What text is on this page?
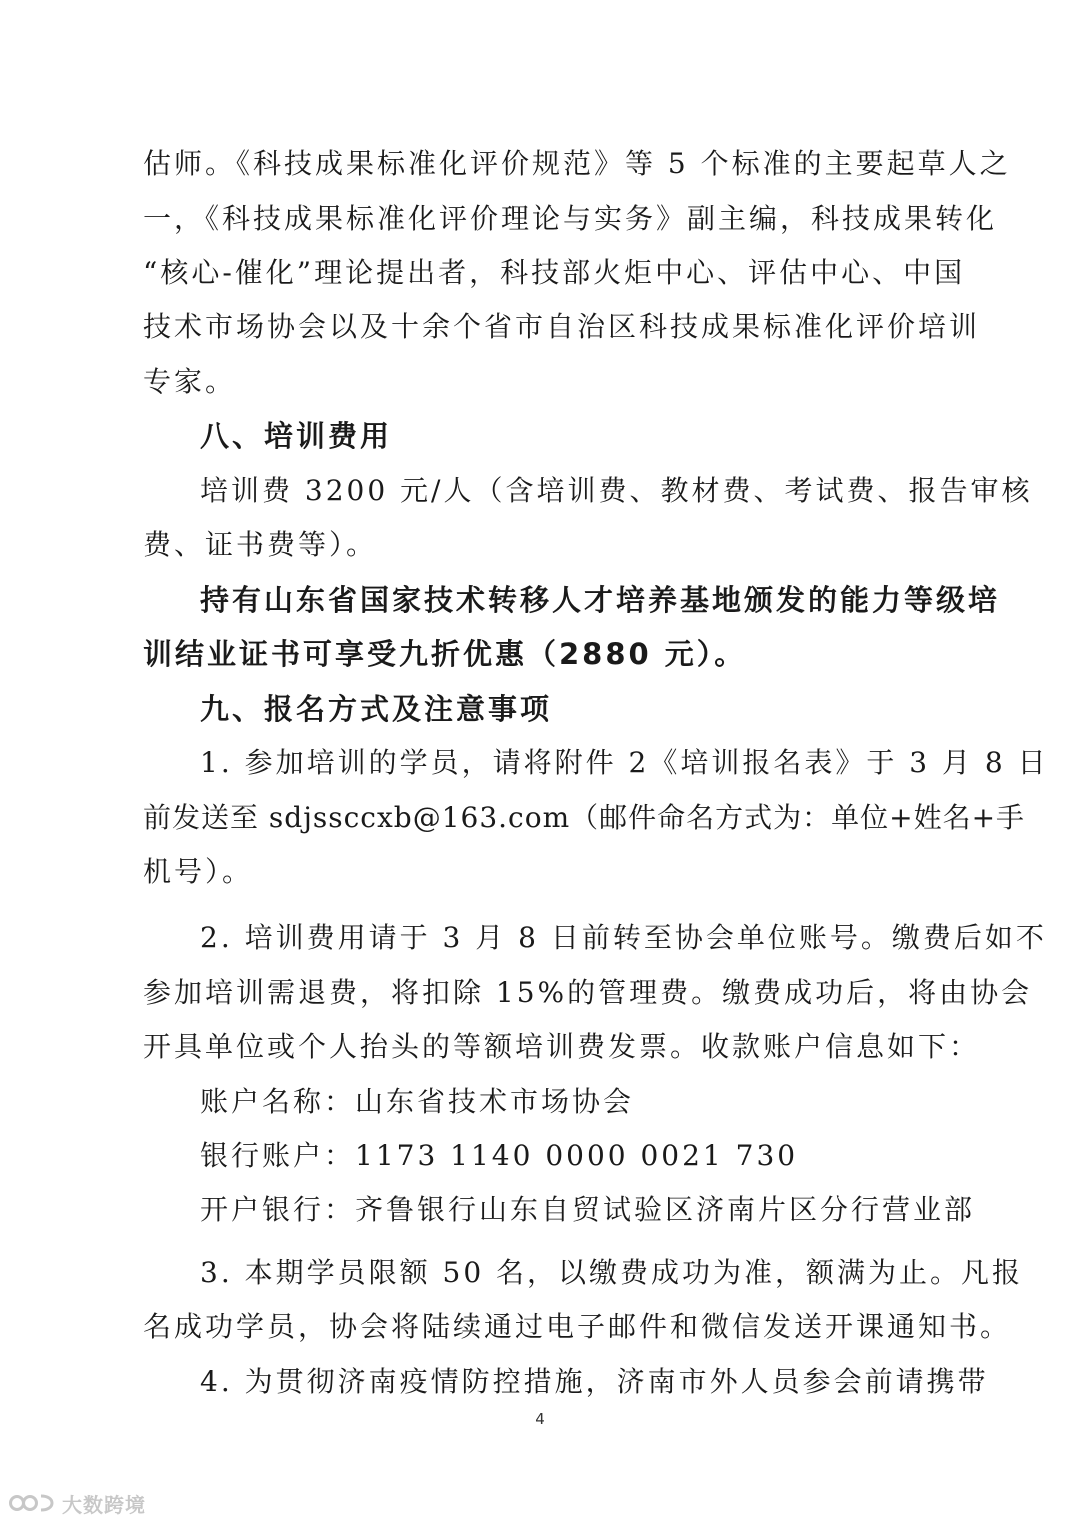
估师。《科技成果标准化评价规范》等 5 个标准的主要起草人之
一，《科技成果标准化评价理论与实务》副主编，科技成果转化
“核心-催化”理论提出者，科技部火炬中心、评估中心、中国
技术市场协会以及十余个省市自治区科技成果标准化评价培训
专家。
八、培训费用
培训费 3200 元/人（含培训费、教材费、考试费、报告审核
费、证书费等）。
持有山东省国家技术转移人才培养基地颁发的能力等级培
训结业证书可享受九折优惠（2880 元）。
九、报名方式及注意事项
1. 参加培训的学员，请将附件 2《培训报名表》于 3 月 8 日
前发送至 sdjssccxb@163.com（邮件命名方式为：单位+姓名+手
机号）。
2. 培训费用请于 3 月 8 日前转至协会单位账号。缴费后如不
参加培训需退费，将扣除 15%的管理费。缴费成功后，将由协会
开具单位或个人抬头的等额培训费发票。收款账户信息如下：
账户名称：山东省技术市场协会
银行账户：1173 1140 0000 0021 730
开户银行：齐鲁银行山东自贸试验区济南片区分行营业部
3. 本期学员限额 50 名，以缴费成功为准，额满为止。凡报
名成功学员，协会将陆续通过电子邮件和微信发送开课通知书。
4. 为贯彻济南疫情防控措施，济南市外人员参会前请携带
4
大数跨境
